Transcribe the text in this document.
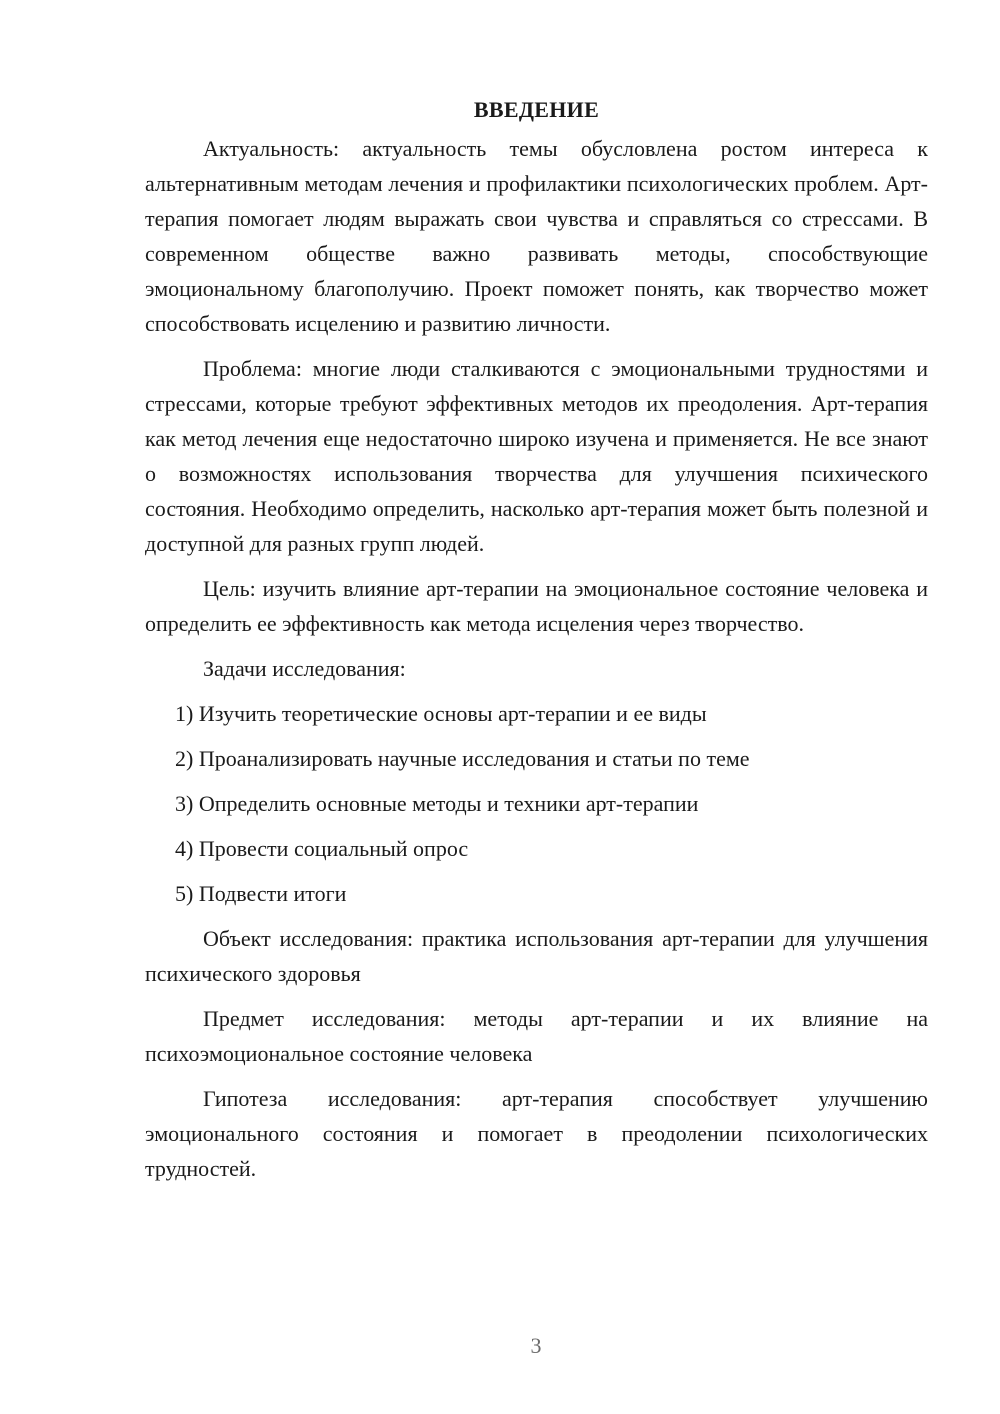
ВВЕДЕНИЕ

Актуальность: актуальность темы обусловлена ростом интереса к альтернативным методам лечения и профилактики психологических проблем. Арт-терапия помогает людям выражать свои чувства и справляться со стрессами. В современном обществе важно развивать методы, способствующие эмоциональному благополучию. Проект поможет понять, как творчество может способствовать исцелению и развитию личности.

Проблема: многие люди сталкиваются с эмоциональными трудностями и стрессами, которые требуют эффективных методов их преодоления. Арт-терапия как метод лечения еще недостаточно широко изучена и применяется. Не все знают о возможностях использования творчества для улучшения психического состояния. Необходимо определить, насколько арт-терапия может быть полезной и доступной для разных групп людей.

Цель: изучить влияние арт-терапии на эмоциональное состояние человека и определить ее эффективность как метода исцеления через творчество.

Задачи исследования:

1) Изучить теоретические основы арт-терапии и ее виды
2) Проанализировать научные исследования и статьи по теме
3) Определить основные методы и техники арт-терапии
4) Провести социальный опрос
5) Подвести итоги

Объект исследования: практика использования арт-терапии для улучшения психического здоровья

Предмет исследования: методы арт-терапии и их влияние на психоэмоциональное состояние человека

Гипотеза исследования: арт-терапия способствует улучшению эмоционального состояния и помогает в преодолении психологических трудностей.

3
